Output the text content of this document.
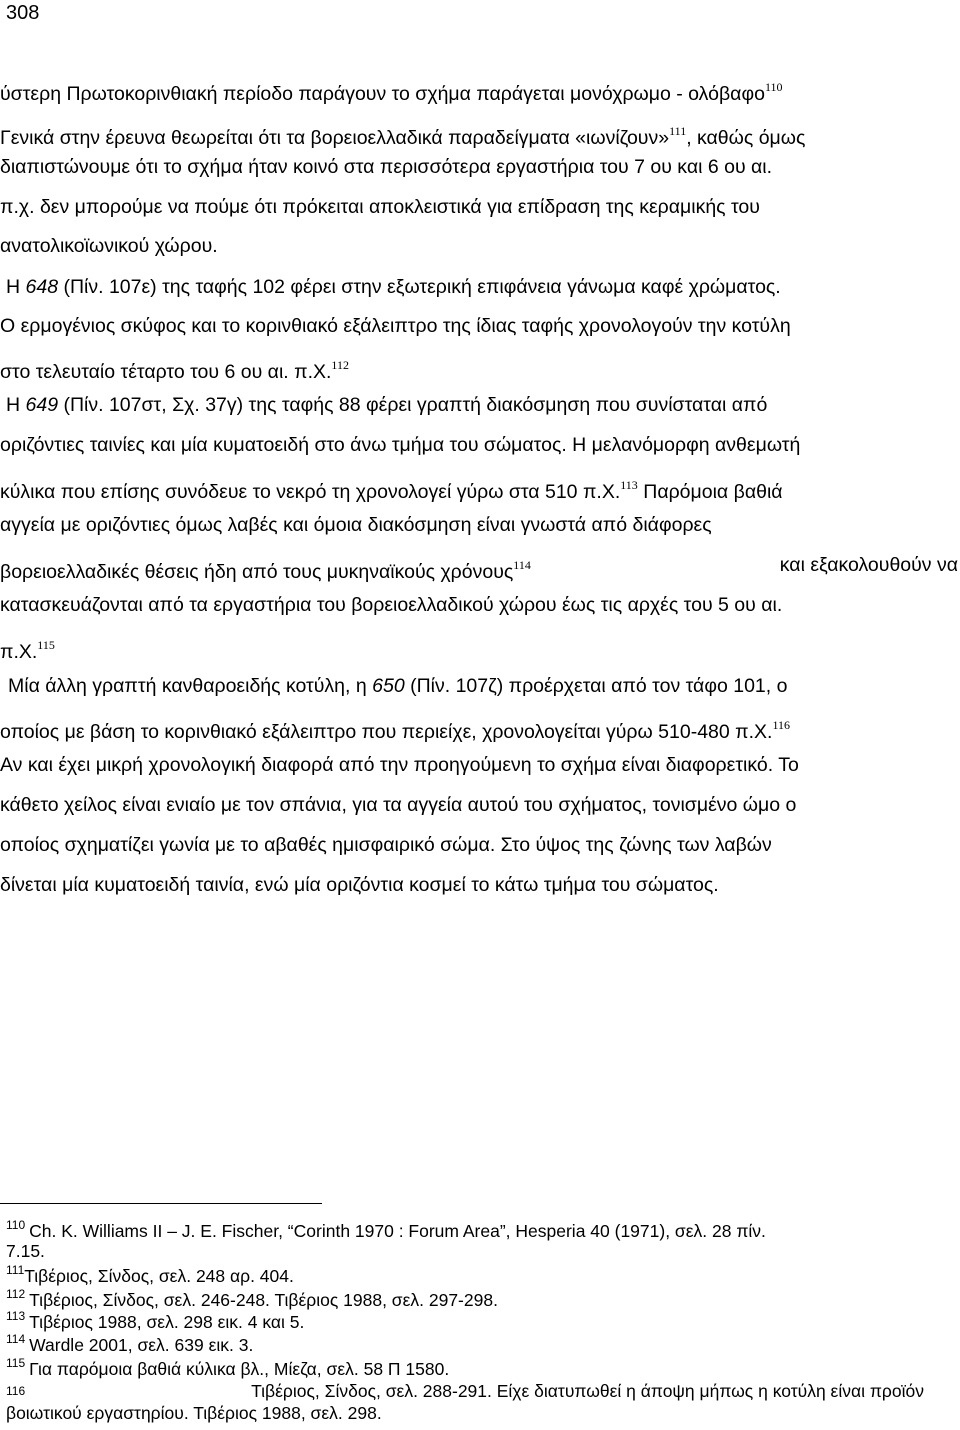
308
ύστερη Πρωτοκορινθιακή περίοδο παράγουν το σχήμα παράγεται μονόχρωμο - ολόβαφο$^{110}$
Γενικά στην έρευνα θεωρείται ότι τα βορειοελλαδικά παραδείγματα «ιωνίζουν»$^{111}$, καθώς όμως
διαπιστώνουμε ότι το σχήμα ήταν κοινό στα περισσότερα εργαστήρια του 7 ου και 6 ου αι.
π.χ. δεν μπορούμε να πούμε ότι πρόκειται αποκλειστικά για επίδραση της κεραμικής του
ανατολικοϊωνικού χώρου.
Η 648 (Πίν. 107ε) της ταφής 102 φέρει στην εξωτερική επιφάνεια γάνωμα καφέ χρώματος.
Ο ερμογένιος σκύφος και το κορινθιακό εξάλειπτρο της ίδιας ταφής χρονολογούν την κοτύλη
στο τελευταίο τέταρτο του 6 ου αι. π.Χ.$^{112}$
Η 649 (Πίν. 107στ, Σχ. 37γ) της ταφής 88 φέρει γραπτή διακόσμηση που συνίσταται από
οριζόντιες ταινίες και μία κυματοειδή στο άνω τμήμα του σώματος. Η μελανόμορφη ανθεμωτή
κύλικα που επίσης συνόδευε το νεκρό τη χρονολογεί γύρω στα 510 π.Χ.$^{113}$ Παρόμοια βαθιά
αγγεία με οριζόντιες όμως λαβές και όμοια διακόσμηση είναι γνωστά από διάφορες
βορειοελλαδικές θέσεις ήδη από τους μυκηναϊκούς χρόνους$^{114}$	και εξακολουθούν να
κατασκευάζονται από τα εργαστήρια του βορειοελλαδικού χώρου έως τις αρχές του 5 ου αι.
π.Χ.$^{115}$
Μία άλλη γραπτή κανθαροειδής κοτύλη, η 650 (Πίν. 107ζ) προέρχεται από τον τάφο 101, ο
οποίος με βάση το κορινθιακό εξάλειπτρο που περιείχε, χρονολογείται γύρω 510-480 π.Χ.$^{116}$
Αν και έχει μικρή χρονολογική διαφορά από την προηγούμενη το σχήμα είναι διαφορετικό. Το
κάθετο χείλος είναι ενιαίο με τον σπάνια, για τα αγγεία αυτού του σχήματος, τονισμένο ώμο ο
οποίος σχηματίζει γωνία με το αβαθές ημισφαιρικό σώμα. Στο ύψος της ζώνης των λαβών
δίνεται μία κυματοειδή ταινία, ενώ μία οριζόντια κοσμεί το κάτω τμήμα του σώματος.
$^{110}$ Ch. K. Williams II – J. E. Fischer, “Corinth 1970 : Forum Area”, Hesperia 40 (1971), σελ. 28 πίν.
7.15.
$^{111}$Τιβέριος, Σίνδος, σελ. 248 αρ. 404.
$^{112}$ Τιβέριος, Σίνδος, σελ. 246-248. Τιβέριος 1988, σελ. 297-298.
$^{113}$ Τιβέριος 1988, σελ. 298 εικ. 4 και 5.
$^{114}$ Wardle 2001, σελ. 639 εικ. 3.
$^{115}$ Για παρόμοια βαθιά κύλικα βλ., Μίεζα, σελ. 58 Π 1580.
116	Τιβέριος, Σίνδος, σελ. 288-291. Είχε διατυπωθεί η άποψη μήπως η κοτύλη είναι προϊόν
βοιωτικού εργαστηρίου. Τιβέριος 1988, σελ. 298.
